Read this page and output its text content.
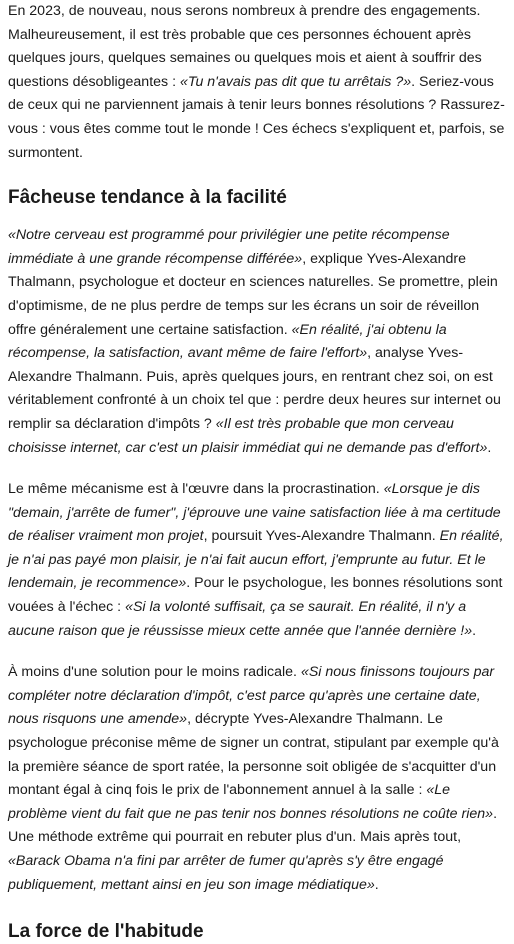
En 2023, de nouveau, nous serons nombreux à prendre des engagements. Malheureusement, il est très probable que ces personnes échouent après quelques jours, quelques semaines ou quelques mois et aient à souffrir des questions désobligeantes : «Tu n'avais pas dit que tu arrêtais ?». Seriez-vous de ceux qui ne parviennent jamais à tenir leurs bonnes résolutions ? Rassurez-vous : vous êtes comme tout le monde ! Ces échecs s'expliquent et, parfois, se surmontent.

Fâcheuse tendance à la facilité

«Notre cerveau est programmé pour privilégier une petite récompense immédiate à une grande récompense différée», explique Yves-Alexandre Thalmann, psychologue et docteur en sciences naturelles. Se promettre, plein d'optimisme, de ne plus perdre de temps sur les écrans un soir de réveillon offre généralement une certaine satisfaction. «En réalité, j'ai obtenu la récompense, la satisfaction, avant même de faire l'effort», analyse Yves-Alexandre Thalmann. Puis, après quelques jours, en rentrant chez soi, on est véritablement confronté à un choix tel que : perdre deux heures sur internet ou remplir sa déclaration d'impôts ? «Il est très probable que mon cerveau choisisse internet, car c'est un plaisir immédiat qui ne demande pas d'effort».

Le même mécanisme est à l'œuvre dans la procrastination. «Lorsque je dis "demain, j'arrête de fumer", j'éprouve une vaine satisfaction liée à ma certitude de réaliser vraiment mon projet, poursuit Yves-Alexandre Thalmann. En réalité, je n'ai pas payé mon plaisir, je n'ai fait aucun effort, j'emprunte au futur. Et le lendemain, je recommence». Pour le psychologue, les bonnes résolutions sont vouées à l'échec : «Si la volonté suffisait, ça se saurait. En réalité, il n'y a aucune raison que je réussisse mieux cette année que l'année dernière !».

À moins d'une solution pour le moins radicale. «Si nous finissons toujours par compléter notre déclaration d'impôt, c'est parce qu'après une certaine date, nous risquons une amende», décrypte Yves-Alexandre Thalmann. Le psychologue préconise même de signer un contrat, stipulant par exemple qu'à la première séance de sport ratée, la personne soit obligée de s'acquitter d'un montant égal à cinq fois le prix de l'abonnement annuel à la salle : «Le problème vient du fait que ne pas tenir nos bonnes résolutions ne coûte rien». Une méthode extrême qui pourrait en rebuter plus d'un. Mais après tout, «Barack Obama n'a fini par arrêter de fumer qu'après s'y être engagé publiquement, mettant ainsi en jeu son image médiatique».

La force de l'habitude
